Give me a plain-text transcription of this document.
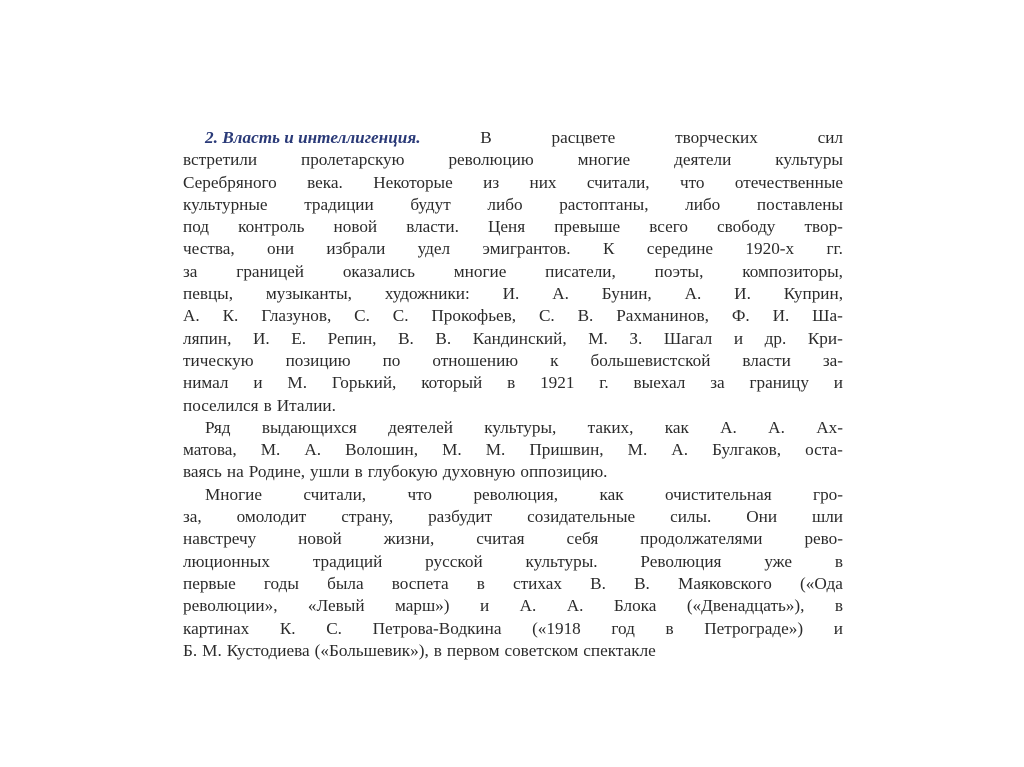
2. Власть и интеллигенция.	В	расцвете	творческих	сил
встретили	пролетарскую	революцию	многие	деятели	культуры
Серебряного века. Некоторые из них считали, что отечественные
культурные традиции будут либо растоптаны, либо поставлены
под контроль новой власти. Ценя превыше всего свободу твор-
чества, они избрали удел эмигрантов. К середине 1920-х гг.
за границей оказались многие писатели, поэты, композиторы,
певцы, музыканты, художники: И. А. Бунин, А. И. Куприн,
А. К. Глазунов, С. С. Прокофьев, С. В. Рахманинов, Ф. И. Ша-
ляпин, И. Е. Репин, В. В. Кандинский, М. З. Шагал и др. Кри-
тическую позицию по отношению к большевистской власти за-
нимал и М. Горький, который в 1921 г. выехал за границу и
поселился в Италии.
Ряд выдающихся деятелей культуры, таких, как А. А. Ах-
матова, М. А. Волошин, М. М. Пришвин, М. А. Булгаков, оста-
ваясь на Родине, ушли в глубокую духовную оппозицию.
Многие считали, что революция, как очистительная гро-
за, омолодит страну, разбудит созидательные силы. Они шли
навстречу новой жизни, считая себя продолжателями рево-
люционных традиций русской культуры. Революция уже в
первые годы была воспета в стихах В. В. Маяковского («Ода
революции», «Левый марш») и А. А. Блока («Двенадцать»), в
картинах К. С. Петрова-Водкина («1918 год в Петрограде») и
Б. М. Кустодиева («Большевик»), в первом советском спектакле
